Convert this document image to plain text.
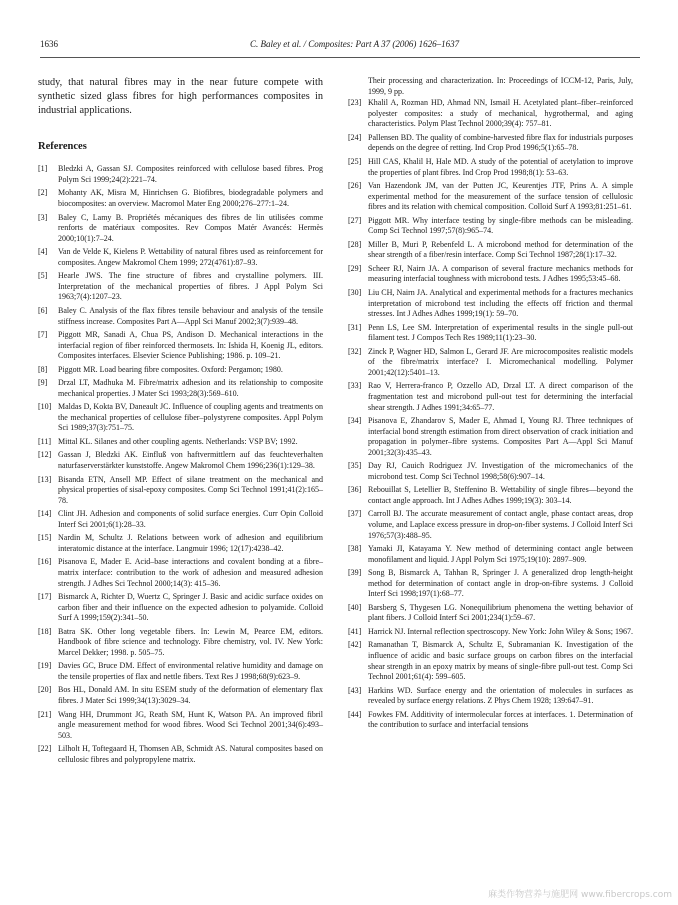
1636	C. Baley et al. / Composites: Part A 37 (2006) 1626–1637

study, that natural fibres may in the near future compete with synthetic sized glass fibres for high performances composites in industrial applications.

References
[1] Bledzki A, Gassan SJ. Composites reinforced with cellulose based fibres. Prog Polym Sci 1999;24(2):221–74.
[2] Mohanty AK, Misra M, Hinrichsen G. Biofibres, biodegradable polymers and biocomposites: an overview. Macromol Mater Eng 2000;276–277:1–24.
[3] Baley C, Lamy B. Propriétés mécaniques des fibres de lin utilisées comme renforts de matériaux composites. Rev Compos Matér Avancés: Hermès 2000;10(1):7–24.
[4] Van de Velde K, Kielens P. Wettability of natural fibres used as reinforcement for composites. Angew Makromol Chem 1999; 272(4761):87–93.
[5] Hearle JWS. The fine structure of fibres and crystalline polymers. III. Interpretation of the mechanical properties of fibres. J Appl Polym Sci 1963;7(4):1207–23.
[6] Baley C. Analysis of the flax fibres tensile behaviour and analysis of the tensile stiffness increase. Composites Part A—Appl Sci Manuf 2002;3(7):939–48.
[7] Piggott MR, Sanadi A, Chua PS, Andison D. Mechanical interactions in the interfacial region of fiber reinforced thermosets. In: Ishida H, Koenig JL, editors. Composites interfaces. Elsevier Science Publishing; 1986. p. 109–21.
[8] Piggott MR. Load bearing fibre composites. Oxford: Pergamon; 1980.
[9] Drzal LT, Madhuka M. Fibre/matrix adhesion and its relationship to composite mechanical properties. J Mater Sci 1993;28(3):569–610.
[10] Maldas D, Kokta BV, Daneault JC. Influence of coupling agents and treatments on the mechanical properties of cellulose fiber–polystyrene composites. Appl Polym Sci 1989;37(3):751–75.
[11] Mittal KL. Silanes and other coupling agents. Netherlands: VSP BV; 1992.
[12] Gassan J, Bledzki AK. Einfluß von haftvermittlern auf das feuchteverhalten naturfaserverstärkter kunststoffe. Angew Makromol Chem 1996;236(1):129–38.
[13] Bisanda ETN, Ansell MP. Effect of silane treatment on the mechanical and physical properties of sisal-epoxy composites. Comp Sci Technol 1991;41(2):165–78.
[14] Clint JH. Adhesion and components of solid surface energies. Curr Opin Colloid Interf Sci 2001;6(1):28–33.
[15] Nardin M, Schultz J. Relations between work of adhesion and equilibrium interatomic distance at the interface. Langmuir 1996; 12(17):4238–42.
[16] Pisanova E, Mader E. Acid–base interactions and covalent bonding at a fibre–matrix interface: contribution to the work of adhesion and measured adhesion strength. J Adhes Sci Technol 2000;14(3): 415–36.
[17] Bismarck A, Richter D, Wuertz C, Springer J. Basic and acidic surface oxides on carbon fiber and their influence on the expected adhesion to polyamide. Colloid Surf A 1999;159(2):341–50.
[18] Batra SK. Other long vegetable fibers. In: Lewin M, Pearce EM, editors. Handbook of fibre science and technology. Fibre chemistry, vol. IV. New York: Marcel Dekker; 1998. p. 505–75.
[19] Davies GC, Bruce DM. Effect of environmental relative humidity and damage on the tensile properties of flax and nettle fibers. Text Res J 1998;68(9):623–9.
[20] Bos HL, Donald AM. In situ ESEM study of the deformation of elementary flax fibres. J Mater Sci 1999;34(13):3029–34.
[21] Wang HH, Drummont JG, Reath SM, Hunt K, Watson PA. An improved fibril angle measurement method for wood fibres. Wood Sci Technol 2001;34(6):493–503.
[22] Lilholt H, Toftegaard H, Thomsen AB, Schmidt AS. Natural composites based on cellulosic fibres and polypropylene matrix.
Their processing and characterization. In: Proceedings of ICCM-12, Paris, July, 1999, 9 pp.
[23] Khalil A, Rozman HD, Ahmad NN, Ismail H. Acetylated plant–fiber–reinforced polyester composites: a study of mechanical, hygrothermal, and aging characteristics. Polym Plast Technol 2000;39(4): 757–81.
[24] Pallensen BD. The quality of combine-harvested fibre flax for industrials purposes depends on the degree of retting. Ind Crop Prod 1996;5(1):65–78.
[25] Hill CAS, Khalil H, Hale MD. A study of the potential of acetylation to improve the properties of plant fibres. Ind Crop Prod 1998;8(1): 53–63.
[26] Van Hazendonk JM, van der Putten JC, Keurentjes JTF, Prins A. A simple experimental method for the measurement of the surface tension of cellulosic fibres and its relation with chemical composition. Colloid Surf A 1993;81:251–61.
[27] Piggott MR. Why interface testing by single-fibre methods can be misleading. Comp Sci Technol 1997;57(8):965–74.
[28] Miller B, Muri P, Rebenfeld L. A microbond method for determination of the shear strength of a fiber/resin interface. Comp Sci Technol 1987;28(1):17–32.
[29] Scheer RJ, Nairn JA. A comparison of several fracture mechanics methods for measuring interfacial toughness with microbond tests. J Adhes 1995;53:45–68.
[30] Liu CH, Nairn JA. Analytical and experimental methods for a fractures mechanics interpretation of microbond test including the effects off friction and thermal stresses. Int J Adhes Adhes 1999;19(1): 59–70.
[31] Penn LS, Lee SM. Interpretation of experimental results in the single pull-out filament test. J Compos Tech Res 1989;11(1):23–30.
[32] Zinck P, Wagner HD, Salmon L, Gerard JF. Are microcomposites realistic models of the fibre/matrix interface? I. Micromechanical modelling. Polymer 2001;42(12):5401–13.
[33] Rao V, Herrera-franco P, Ozzello AD, Drzal LT. A direct comparison of the fragmentation test and microbond pull-out test for determining the interfacial shear strength. J Adhes 1991;34:65–77.
[34] Pisanova E, Zhandarov S, Mader E, Ahmad I, Young RJ. Three techniques of interfacial bond strength estimation from direct observation of crack initiation and propagation in polymer–fibre systems. Composites Part A—Appl Sci Manuf 2001;32(3):435–43.
[35] Day RJ, Cauich Rodriguez JV. Investigation of the micromechanics of the microbond test. Comp Sci Technol 1998;58(6):907–14.
[36] Rebouillat S, Letellier B, Steffenino B. Wettability of single fibres—beyond the contact angle approach. Int J Adhes Adhes 1999;19(3): 303–14.
[37] Carroll BJ. The accurate measurement of contact angle, phase contact areas, drop volume, and Laplace excess pressure in drop-on-fiber systems. J Colloid Interf Sci 1976;57(3):488–95.
[38] Yamaki JI, Katayama Y. New method of determining contact angle between monofilament and liquid. J Appl Polym Sci 1975;19(10): 2897–909.
[39] Song B, Bismarck A, Tahhan R, Springer J. A generalized drop length-height method for determination of contact angle in drop-on-fibre systems. J Colloid Interf Sci 1998;197(1):68–77.
[40] Barsberg S, Thygesen LG. Nonequilibrium phenomena the wetting behavior of plant fibers. J Colloid Interf Sci 2001;234(1):59–67.
[41] Harrick NJ. Internal reflection spectroscopy. New York: John Wiley & Sons; 1967.
[42] Ramanathan T, Bismarck A, Schultz E, Subramanian K. Investigation of the influence of acidic and basic surface groups on carbon fibres on the interfacial shear strength in an epoxy matrix by means of single-fibre pull-out test. Comp Sci Technol 2001;61(4): 599–605.
[43] Harkins WD. Surface energy and the orientation of molecules in surfaces as revealed by surface energy relations. Z Phys Chem 1928; 139:647–91.
[44] Fowkes FM. Additivity of intermolecular forces at interfaces. 1. Determination of the contribution to surface and interfacial tensions
麻类作物营养与施肥网 www.fibercrops.com
